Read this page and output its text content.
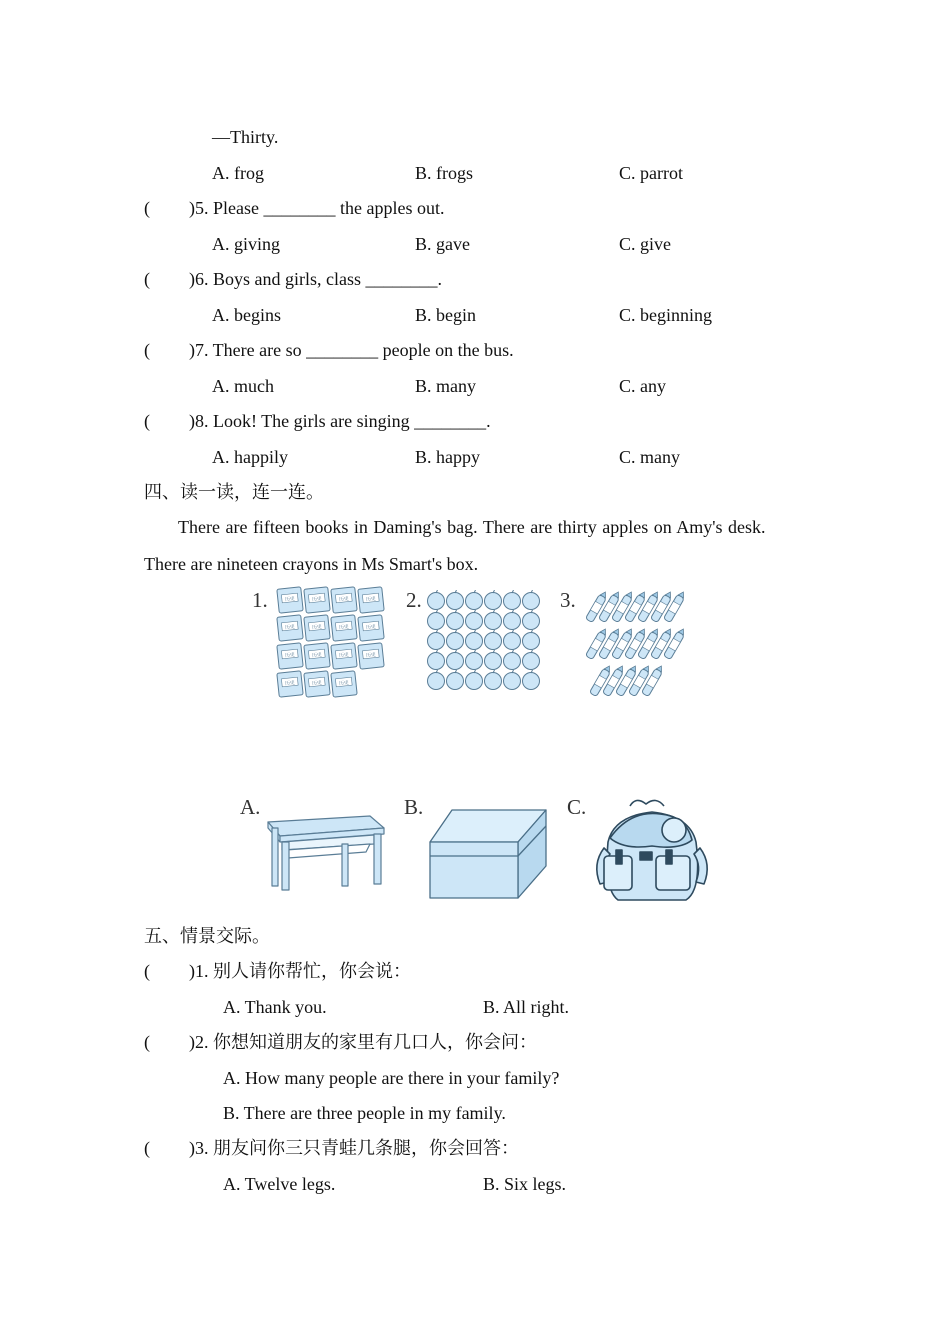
—Thirty.
A. frog	B. frogs	C. parrot
( )5. Please ________ the apples out.
A. giving	B. gave	C. give
( )6. Boys and girls, class ________.
A. begins	B. begin	C. beginning
( )7. There are so ________ people on the bus.
A. much	B. many	C. any
( )8. Look! The girls are singing ________.
A. happily	B. happy	C. many
四、读一读，连一连。
There are fifteen books in Daming's bag. There are thirty apples on Amy's desk.
There are nineteen crayons in Ms Smart's box.
1.	2.	3.
历史	历史	历史	历史
历史	历史	历史	历史
历史	历史	历史	历史
历史	历史	历史
A.	B.	C.
五、情景交际。
( )1. 别人请你帮忙，你会说：
A. Thank you.	B. All right.
( )2. 你想知道朋友的家里有几口人，你会问：
A. How many people are there in your family?
B. There are three people in my family.
( )3. 朋友问你三只青蛙几条腿，你会回答：
A. Twelve legs.	B. Six legs.
